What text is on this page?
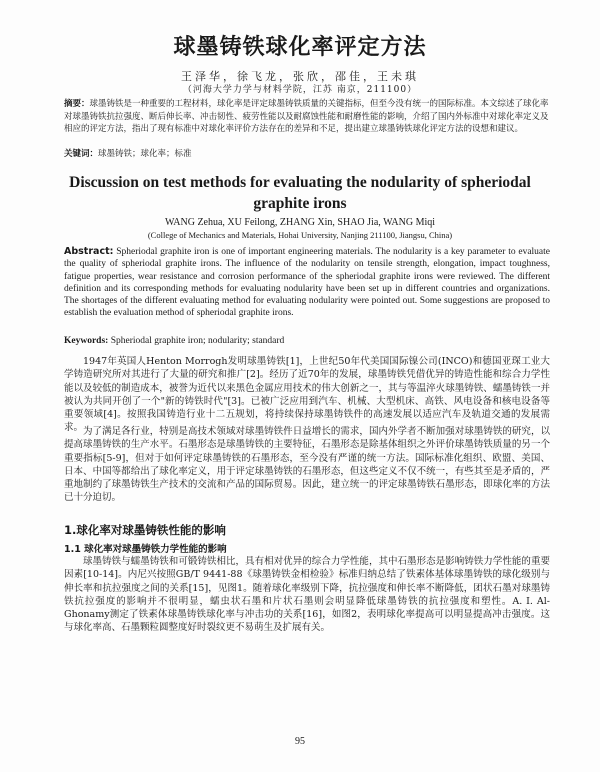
球墨铸铁球化率评定方法
王泽华，徐飞龙，张欣，邵佳，王未琪
（河海大学力学与材料学院，江苏 南京，211100）
摘要：球墨铸铁是一种重要的工程材料，球化率是评定球墨铸铁质量的关键指标，但至今没有统一的国际标准。本文综述了球化率对球墨铸铁抗拉强度、断后伸长率、冲击韧性、疲劳性能以及耐腐蚀性能和耐磨性能的影响，介绍了国内外标准中对球化率定义及相应的评定方法，指出了现有标准中对球化率评价方法存在的差异和不足，提出建立球墨铸铁球化评定方法的设想和建议。
关键词：球墨铸铁；球化率；标准
Discussion on test methods for evaluating the nodularity of spheriodal graphite irons
WANG Zehua, XU Feilong, ZHANG Xin, SHAO Jia, WANG Miqi
(College of Mechanics and Materials, Hohai University, Nanjing 211100, Jiangsu, China)
Abstract: Spheriodal graphite iron is one of important engineering materials. The nodularity is a key parameter to evaluate the quality of spheriodal graphite irons. The influence of the nodularity on tensile strength, elongation, impact toughness, fatigue properties, wear resistance and corrosion performance of the spheriodal graphite irons were reviewed. The different definition and its corresponding methods for evaluating nodularity have been set up in different countries and organizations. The shortages of the different evaluating method for evaluating nodularity were pointed out. Some suggestions are proposed to establish the evaluation method of spheriodal graphite irons.
Keywords: Spheriodal graphite iron; nodularity; standard
1947年英国人Henton Morrogh发明球墨铸铁[1]，上世纪50年代美国国际镍公司(INCO)和德国亚琛工业大学铸造研究所对其进行了大量的研究和推广[2]。经历了近70年的发展，球墨铸铁凭借优异的铸造性能和综合力学性能以及较低的制造成本，被誉为近代以来黑色金属应用技术的伟大创新之一，其与等温淬火球墨铸铁、蠕墨铸铁一并被认为共同开创了一个"新的铸铁时代"[3]。已被广泛应用到汽车、机械、大型机床、高铁、风电设备和核电设备等重要领域[4]。按照我国铸造行业十二五规划，将持续保持球墨铸铁件的高速发展以适应汽车及轨道交通的发展需求。 为了满足各行业，特别是高技术领域对球墨铸铁件日益增长的需求，国内外学者不断加强对球墨铸铁的研究，以提高球墨铸铁的生产水平。石墨形态是球墨铸铁的主要特征，石墨形态是除基体组织之外评价球墨铸铁质量的另一个重要指标[5-9]，但对于如何评定球墨铸铁的石墨形态，至今没有严谨的统一方法。国际标准化组织、欧盟、美国、日本、中国等都给出了球化率定义，用于评定球墨铸铁的石墨形态，但这些定义不仅不统一，有些其至是矛盾的，严重地制约了球墨铸铁生产技术的交流和产品的国际贸易。因此，建立统一的评定球墨铸铁石墨形态，即球化率的方法已十分迫切。
1.球化率对球墨铸铁性能的影响
1.1 球化率对球墨铸铁力学性能的影响
球墨铸铁与蠕墨铸铁和可锻铸铁相比，具有相对优异的综合力学性能，其中石墨形态是影响铸铁力学性能的重要因素[10-14]。内尼兴按照GB/T 9441-88《球墨铸铁金相检验》标准归纳总结了铁素体基体球墨铸铁的球化级别与伸长率和抗拉强度之间的关系[15]，见图1。随着球化率级别下降，抗拉强度和伸长率不断降低，团状石墨对球墨铸铁抗拉强度的影响并不很明显，蠕虫状石墨和片状石墨则会明显降低球墨铸铁的抗拉强度和塑性。A. I. Al-Ghonamy测定了铁素体球墨铸铁球化率与冲击功的关系[16]，如图2，表明球化率提高可以明显提高冲击强度。这与球化率高、石墨颗粒圆整度好时裂纹更不易萌生及扩展有关。
95
